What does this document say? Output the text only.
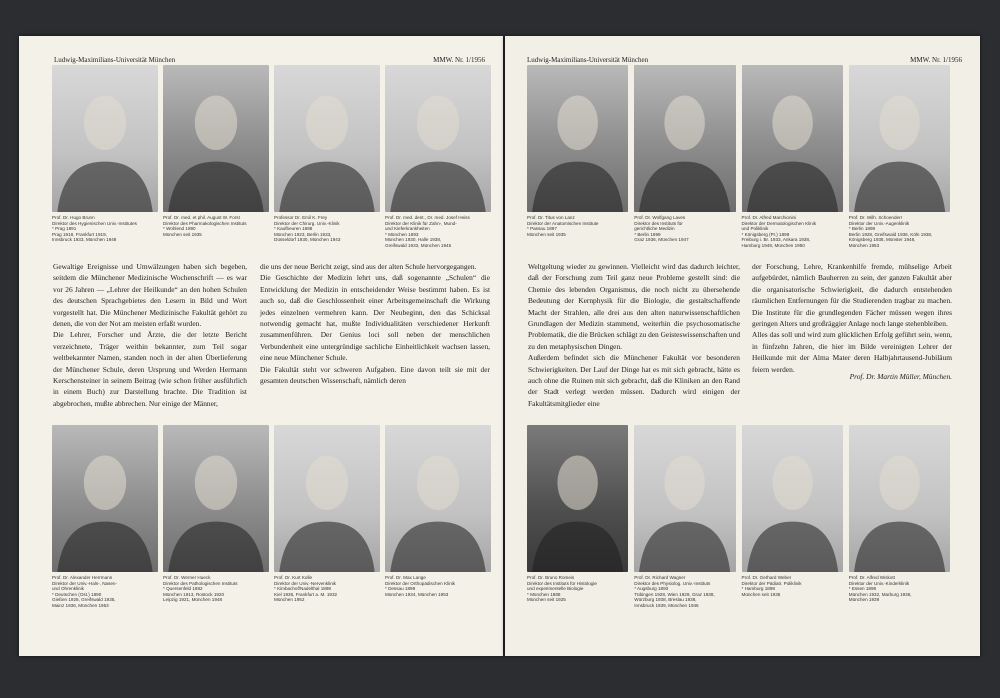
Ludwig-Maximilians-Universität München	MMW. Nr. 1/1956
Prof. Dr. Hugo Brunn
Direktor des Hygienischen Univ.-Institutes
* Prag 1891
Prag 1918, Frankfurt 1919,
Innsbruck 1933, München 1948
Prof. Dr. med. et phil. August W. Forst
Direktor des Pharmakologischen Instituts
* Wohlend 1890
München seit 1935
Professor Dr. Emil K. Frey
Direktor der Chirurg. Univ.-Klinik
* Kaufbeuren 1888
München 1923, Berlin 1933,
Düsseldorf 1930, München 1943
Prof. Dr. med. dent., Dr. med. Josef Heiss
Direktor der Klinik für Zahn-, Mund-
und Kieferkrankheiten
* München 1893
München 1930, Halle 1938,
Greifswald 1933, München 1945
Gewaltige Ereignisse und Umwälzungen haben sich begeben, seitdem die Münchener Medizinische Wochenschrift — es war vor 26 Jahren — „Lehrer der Heilkunde“ an den hohen Schulen des deutschen Sprachgebietes den Lesern in Bild und Wort vorgestellt hat. Die Münchener Medizinische Fakultät gehört zu denen, die von der Not am meisten erfaßt wurden.
Die Lehrer, Forscher und Ärzte, die der letzte Bericht verzeichnete, Träger weithin bekannter, zum Teil sogar weltbekannter Namen, standen noch in der alten Überlieferung der Münchener Schule, deren Ursprung und Werden Hermann Kerschensteiner in seinem Beitrag (wie schon früher ausführlich in einem Buch) zur Darstellung brachte. Die Tradition ist abgebrochen, mußte abbrechen. Nur einige der Männer,
die uns der neue Bericht zeigt, sind aus der alten Schule hervorgegangen.
Die Geschichte der Medizin lehrt uns, daß sogenannte „Schulen“ die Entwicklung der Medizin in entscheidender Weise bestimmt haben. Es ist auch so, daß die Geschlossenheit einer Arbeitsgemeinschaft die Wirkung jedes einzelnen vermehren kann. Der Neubeginn, den das Schicksal notwendig gemacht hat, mußte Individualitäten verschiedener Herkunft zusammenführen. Der Genius loci soll neben der menschlichen Verbundenheit eine untergründige sachliche Einheitlichkeit wachsen lassen, eine neue Münchener Schule.
Die Fakultät steht vor schweren Aufgaben. Eine davon teilt sie mit der gesamten deutschen Wissenschaft, nämlich deren
Prof. Dr. Alexander Herrmann
Direktor der Univ.-Hals-, Nasen-
und Ohrenklinik
* Deutschen (Ost.) 1890
Gießen 1928, Greifswald 1935,
Mainz 1936, München 1953
Prof. Dr. Werner Hueck
Direktor des Pathologischen Instituts
* Quersenfeld 1882
München 1913, Rostock 1920
Leipzig 1921, München 1948
Prof. Dr. Kurt Kolle
Direktor der Univ.-Nervenklinik
* Kimbachof/Nadelthal 1898
Kiel 1936, Frankfurt a. M. 1932
München 1952
Prof. Dr. Max Lange
Direktor der Orthopädischen Klinik
* Dessau 1899
München 1934, München 1953
Ludwig-Maximilians-Universität München	MMW. Nr. 1/1956
Prof. Dr. Titus von Lanz
Direktor der Anatomischen Institute
* Passau 1897
München seit 1935
Prof. Dr. Wolfgang Laves
Direktor des Instituts für
gerichtliche Medizin
* Berlin 1899
Graz 1936, München 1947
Prof. Dr. Alfred Marchionini
Direktor der Dermatologischen Klinik
und Poliklinik
* Königsberg (Pr.) 1899
Freiburg i. Br. 1933, Ankara 1938,
Hamburg 1948, München 1950
Prof. Dr. Wilh. Schoenderr
Direktor der Univ.-Augenklinik
* Berlin 1899
Berlin 1928, Greifswald 1936, Köln 1938,
Königsberg 1938, Münster 1948,
München 1953
Weltgeltung wieder zu gewinnen. Vielleicht wird das dadurch leichter, daß der Forschung zum Teil ganz neue Probleme gestellt sind: die Chemie des lebenden Organismus, die noch nicht zu übersehende Bedeutung der Kernphysik für die Biologie, die gestaltschaffende Macht der Strahlen, alle drei aus den alten naturwissenschaftlichen Grundlagen der Medizin stammend, weiterhin die psychosomatische Problematik, die die Brücken schlägt zu den Geisteswissenschaften und zu den metaphysischen Dingen.
Außerdem befindet sich die Münchener Fakultät vor besonderen Schwierigkeiten. Der Lauf der Dinge hat es mit sich gebracht, hätte es auch ohne die Ruinen mit sich gebracht, daß die Kliniken an den Rand der Stadt verlegt werden müssen. Dadurch wird einigen der Fakultätsmitglieder eine
der Forschung, Lehre, Krankenhilfe fremde, mühselige Arbeit aufgebürdet, nämlich Bauherren zu sein, der ganzen Fakultät aber die organisatorische Schwierigkeit, die dadurch entstehenden räumlichen Entfernungen für die Studierenden tragbar zu machen. Die Institute für die grundlegenden Fächer müssen wegen ihres geringen Alters und großräggier Anlage noch lange stehenbleiben.
Alles das soll und wird zum glücklichen Erfolg geführt sein, wenn, in fünfzehn Jahren, die hier im Bilde vereinigten Lehrer der Heilkunde mit der Alma Mater deren Halbjahrtausend-Jubiläum feiern werden.
Prof. Dr. Martin Müller, München.
Prof. Dr. Bruno Romeis
Direktor des Instituts für Histologie
und experimentelle Biologie
* München 1888
München seit 1925
Prof. Dr. Richard Wagner
Direktor des Physiolog. Univ.-Instituts
* Augsburg 1893
Tübingen 1928, Wien 1929, Graz 1938,
Würzburg 1938, Breslau 1938,
Innsbruck 1939, München 1946
Prof. Dr. Gerhard Weber
Direktor der Pädiatr. Poliklinik
* Hamburg 1898
München seit 1935
Prof. Dr. Alfred Wiskott
Direktor der Univ.-Kinderklinik
* Essen 1898
München 1932, Marburg 1936,
München 1939
